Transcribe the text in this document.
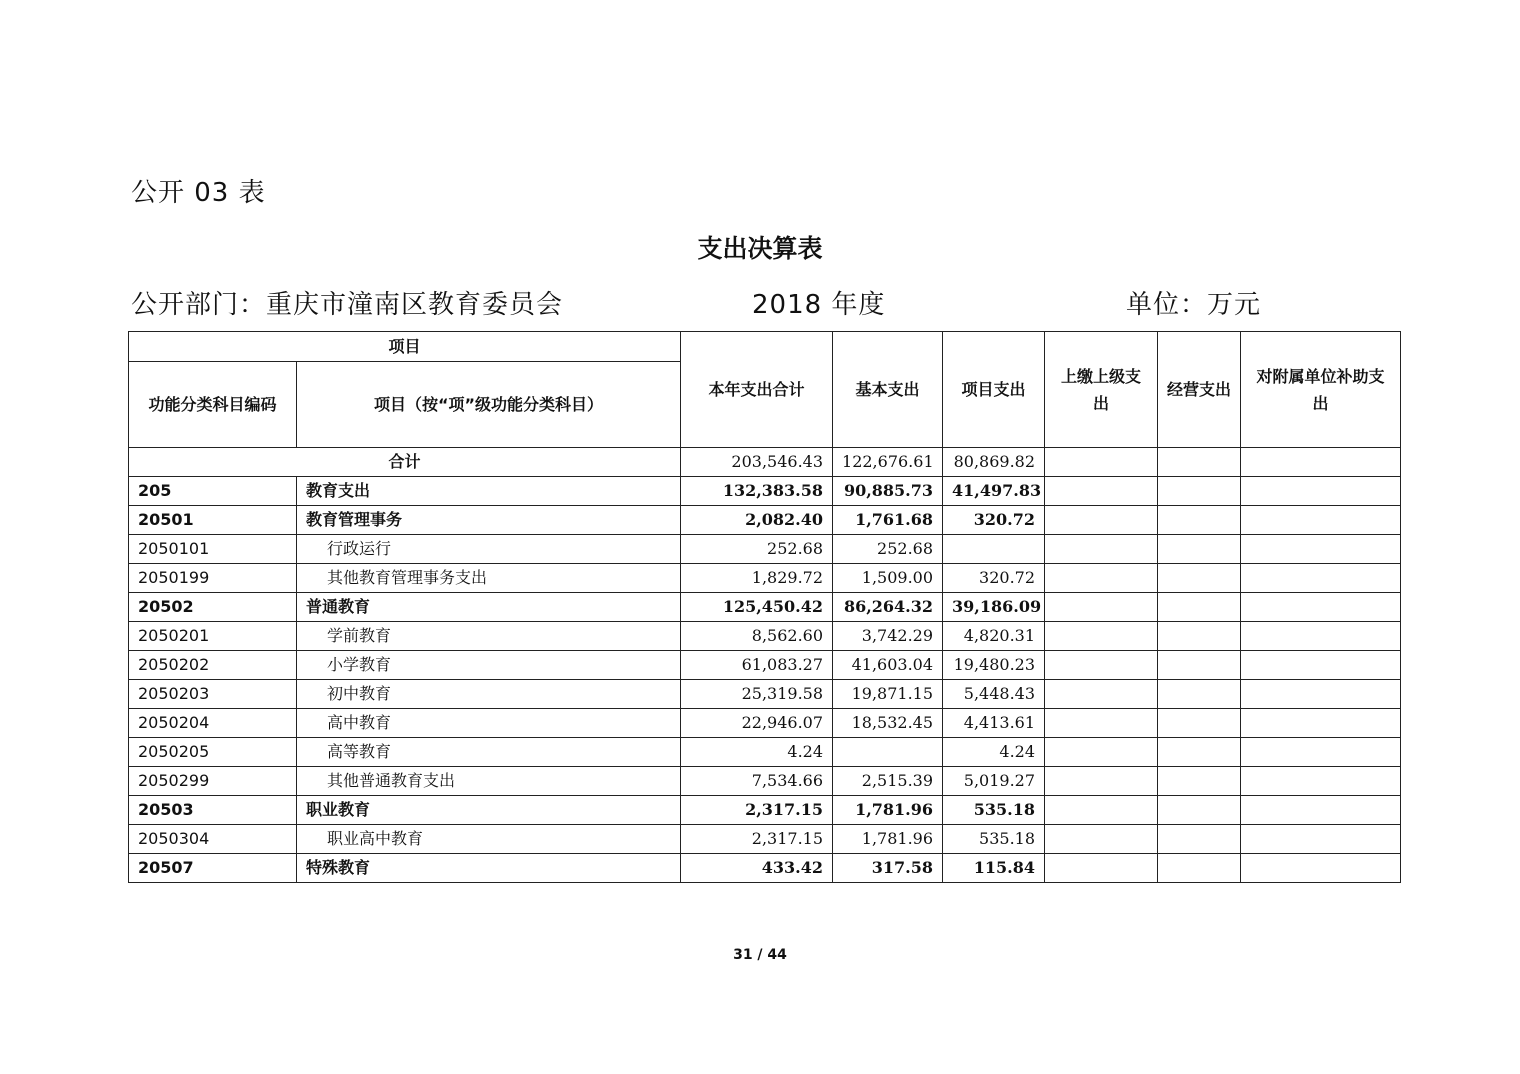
公开 03 表
支出决算表
公开部门：重庆市潼南区教育委员会	2018 年度	单位：万元
项目		本年支出合计	基本支出	项目支出	上缴上级支出	经营支出	对附属单位补助支出
功能分类科目编码	项目（按“项”级功能分类科目）						
合计		203,546.43	122,676.61	80,869.82			
205	教育支出	132,383.58	90,885.73	41,497.83			
20501	教育管理事务	2,082.40	1,761.68	320.72			
2050101	行政运行	252.68	252.68				
2050199	其他教育管理事务支出	1,829.72	1,509.00	320.72			
20502	普通教育	125,450.42	86,264.32	39,186.09			
2050201	学前教育	8,562.60	3,742.29	4,820.31			
2050202	小学教育	61,083.27	41,603.04	19,480.23			
2050203	初中教育	25,319.58	19,871.15	5,448.43			
2050204	高中教育	22,946.07	18,532.45	4,413.61			
2050205	高等教育	4.24		4.24			
2050299	其他普通教育支出	7,534.66	2,515.39	5,019.27			
20503	职业教育	2,317.15	1,781.96	535.18			
2050304	职业高中教育	2,317.15	1,781.96	535.18			
20507	特殊教育	433.42	317.58	115.84			
31 / 44
